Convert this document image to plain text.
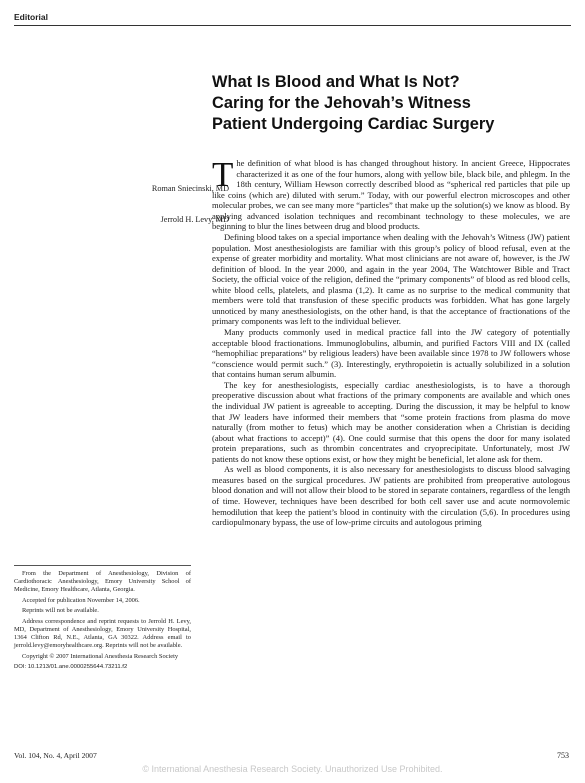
Editorial
What Is Blood and What Is Not?
Caring for the Jehovah’s Witness
Patient Undergoing Cardiac Surgery
Roman Sniecinski, MD
Jerrold H. Levy, MD

The definition of what blood is has changed throughout history. In ancient Greece, Hippocrates characterized it as one of the four humors, along with yellow bile, black bile, and phlegm. In the 18th century, William Hewson correctly described blood as “spherical red particles that pile up like coins (which are) diluted with serum.” Today, with our powerful electron microscopes and other molecular probes, we can see many more “particles” that make up the solution(s) we know as blood. By applying advanced isolation techniques and recombinant technology to these molecules, we are beginning to blur the lines between drug and blood products.

Defining blood takes on a special importance when dealing with the Jehovah’s Witness (JW) patient population. Most anesthesiologists are familiar with this group’s policy of blood refusal, even at the expense of greater morbidity and mortality. What most clinicians are not aware of, however, is the JW definition of blood. In the year 2000, and again in the year 2004, The Watchtower Bible and Tract Society, the official voice of the religion, defined the “primary components” of blood as red blood cells, white blood cells, platelets, and plasma (1,2). It came as no surprise to the medical community that members were told that transfusion of these specific products was forbidden. What has gone largely unnoticed by many anesthesiologists, on the other hand, is that the acceptance of fractionations of the primary components was left to the individual believer.

Many products commonly used in medical practice fall into the JW category of potentially acceptable blood fractionations. Immunoglobulins, albumin, and purified Factors VIII and IX (called “hemophiliac preparations” by religious leaders) have been available since 1978 to JW followers whose “conscience would permit such.” (3). Interestingly, erythropoietin is actually solubilized in a solution that contains human serum albumin.

The key for anesthesiologists, especially cardiac anesthesiologists, is to have a thorough preoperative discussion about what fractions of the primary components are available and which ones the individual JW patient is agreeable to accepting. During the discussion, it may be helpful to know that JW leaders have informed their members that “some protein fractions from plasma do move naturally (from mother to fetus) which may be another consideration when a Christian is deciding (about what fractions to accept)” (4). One could surmise that this opens the door for many isolated protein preparations, such as thrombin concentrates and cryoprecipitate. Unfortunately, most JW patients do not know these options exist, or how they might be beneficial, let alone ask for them.

As well as blood components, it is also necessary for anesthesiologists to discuss blood salvaging measures based on the surgical procedures. JW patients are prohibited from preoperative autologous blood donation and will not allow their blood to be stored in separate containers, regardless of the length of time. However, techniques have been described for both cell saver use and acute normovolemic hemodilution that keep the patient’s blood in continuity with the circulation (5,6). In procedures using cardiopulmonary bypass, the use of low-prime circuits and autologous priming

From the Department of Anesthesiology, Division of Cardiothoracic Anesthesiology, Emory University School of Medicine, Emory Healthcare, Atlanta, Georgia.

Accepted for publication November 14, 2006.

Reprints will not be available.

Address correspondence and reprint requests to Jerrold H. Levy, MD, Department of Anesthesiology, Emory University Hospital, 1364 Clifton Rd, N.E., Atlanta, GA 30322. Address email to jerrold.levy@emoryhealthcare.org. Reprints will not be available.

Copyright © 2007 International Anesthesia Research Society

DOI: 10.1213/01.ane.0000255644.73211.f2

Vol. 104, No. 4, April 2007	753
© International Anesthesia Research Society. Unauthorized Use Prohibited.
